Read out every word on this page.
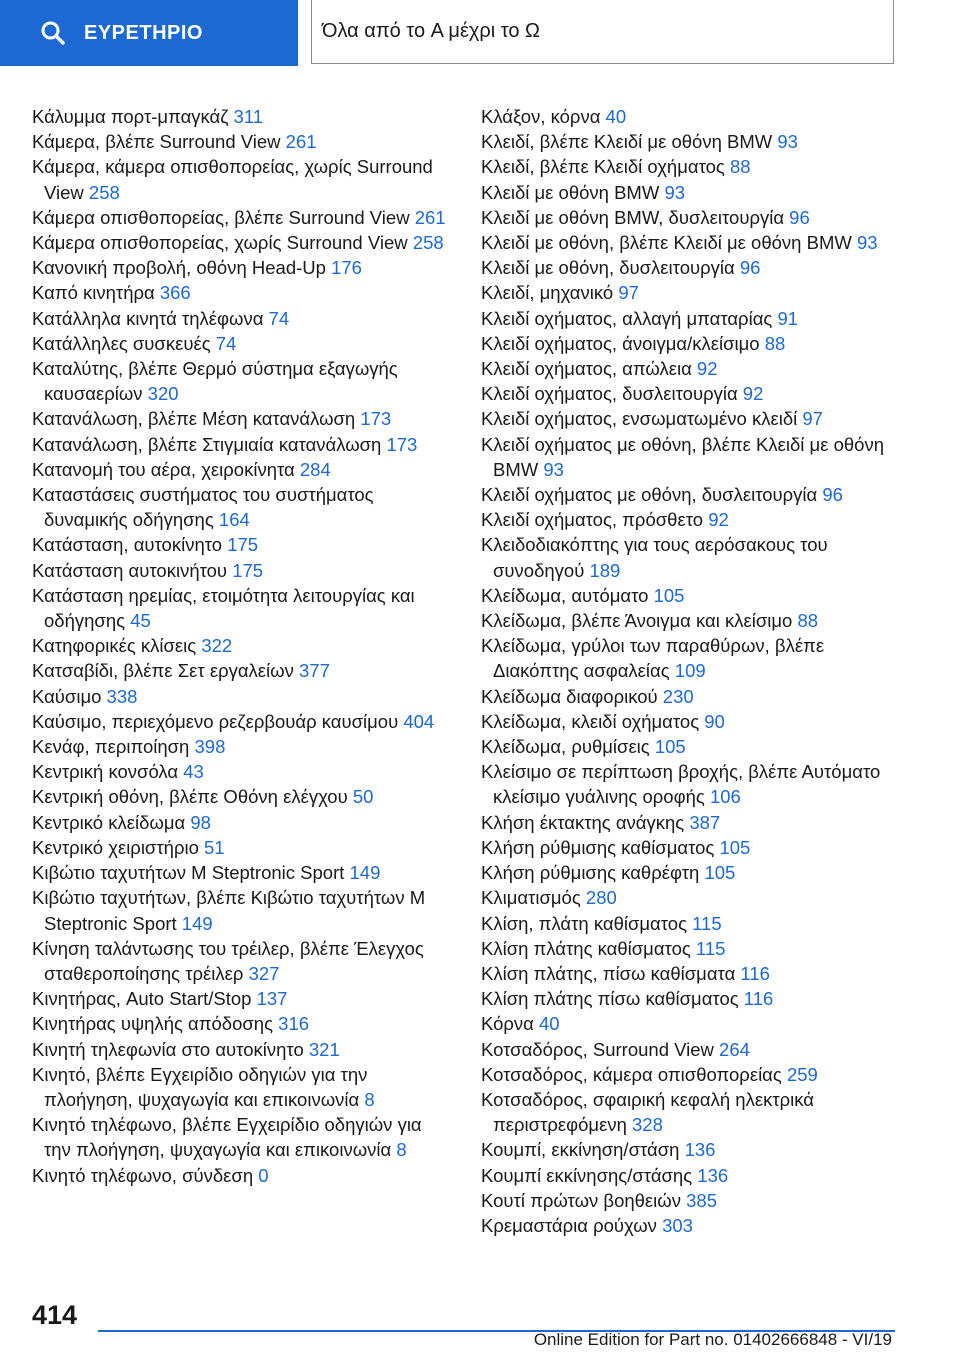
ΕΥΡΕΤΗΡΙΟ	Όλα από το A μέχρι το Ω
Κάλυμμα πορτ-μπαγκάζ 311
Κάμερα, βλέπε Surround View 261
Κάμερα, κάμερα οπισθοπορείας, χωρίς Surround View 258
Κάμερα οπισθοπορείας, βλέπε Surround View 261
Κάμερα οπισθοπορείας, χωρίς Surround View 258
Κανονική προβολή, οθόνη Head-Up 176
Καπό κινητήρα 366
Κατάλληλα κινητά τηλέφωνα 74
Κατάλληλες συσκευές 74
Καταλύτης, βλέπε Θερμό σύστημα εξαγωγής καυσαερίων 320
Κατανάλωση, βλέπε Μέση κατανάλωση 173
Κατανάλωση, βλέπε Στιγμιαία κατανάλωση 173
Κατανομή του αέρα, χειροκίνητα 284
Καταστάσεις συστήματος του συστήματος δυναμικής οδήγησης 164
Κατάσταση, αυτοκίνητο 175
Κατάσταση αυτοκινήτου 175
Κατάσταση ηρεμίας, ετοιμότητα λειτουργίας και οδήγησης 45
Κατηφορικές κλίσεις 322
Κατσαβίδι, βλέπε Σετ εργαλείων 377
Καύσιμο 338
Καύσιμο, περιεχόμενο ρεζερβουάρ καυσίμου 404
Κενάφ, περιποίηση 398
Κεντρική κονσόλα 43
Κεντρική οθόνη, βλέπε Οθόνη ελέγχου 50
Κεντρικό κλείδωμα 98
Κεντρικό χειριστήριο 51
Κιβώτιο ταχυτήτων M Steptronic Sport 149
Κιβώτιο ταχυτήτων, βλέπε Κιβώτιο ταχυτήτων M Steptronic Sport 149
Κίνηση ταλάντωσης του τρέιλερ, βλέπε Έλεγχος σταθεροποίησης τρέιλερ 327
Κινητήρας, Auto Start/Stop 137
Κινητήρας υψηλής απόδοσης 316
Κινητή τηλεφωνία στο αυτοκίνητο 321
Κινητό, βλέπε Εγχειρίδιο οδηγιών για την πλοήγηση, ψυχαγωγία και επικοινωνία 8
Κινητό τηλέφωνο, βλέπε Εγχειρίδιο οδηγιών για την πλοήγηση, ψυχαγωγία και επικοινωνία 8
Κινητό τηλέφωνο, σύνδεση 0
Κλάξον, κόρνα 40
Κλειδί, βλέπε Κλειδί με οθόνη BMW 93
Κλειδί, βλέπε Κλειδί οχήματος 88
Κλειδί με οθόνη BMW 93
Κλειδί με οθόνη BMW, δυσλειτουργία 96
Κλειδί με οθόνη, βλέπε Κλειδί με οθόνη BMW 93
Κλειδί με οθόνη, δυσλειτουργία 96
Κλειδί, μηχανικό 97
Κλειδί οχήματος, αλλαγή μπαταρίας 91
Κλειδί οχήματος, άνοιγμα/κλείσιμο 88
Κλειδί οχήματος, απώλεια 92
Κλειδί οχήματος, δυσλειτουργία 92
Κλειδί οχήματος, ενσωματωμένο κλειδί 97
Κλειδί οχήματος με οθόνη, βλέπε Κλειδί με οθόνη BMW 93
Κλειδί οχήματος με οθόνη, δυσλειτουργία 96
Κλειδί οχήματος, πρόσθετο 92
Κλειδοδιακόπτης για τους αερόσακους του συνοδηγού 189
Κλείδωμα, αυτόματο 105
Κλείδωμα, βλέπε Άνοιγμα και κλείσιμο 88
Κλείδωμα, γρύλοι των παραθύρων, βλέπε Διακόπτης ασφαλείας 109
Κλείδωμα διαφορικού 230
Κλείδωμα, κλειδί οχήματος 90
Κλείδωμα, ρυθμίσεις 105
Κλείσιμο σε περίπτωση βροχής, βλέπε Αυτόματο κλείσιμο γυάλινης οροφής 106
Κλήση έκτακτης ανάγκης 387
Κλήση ρύθμισης καθίσματος 105
Κλήση ρύθμισης καθρέφτη 105
Κλιματισμός 280
Κλίση, πλάτη καθίσματος 115
Κλίση πλάτης καθίσματος 115
Κλίση πλάτης, πίσω καθίσματα 116
Κλίση πλάτης πίσω καθίσματος 116
Κόρνα 40
Κοτσαδόρος, Surround View 264
Κοτσαδόρος, κάμερα οπισθοπορείας 259
Κοτσαδόρος, σφαιρική κεφαλή ηλεκτρικά περιστρεφόμενη 328
Κουμπί, εκκίνηση/στάση 136
Κουμπί εκκίνησης/στάσης 136
Κουτί πρώτων βοηθειών 385
Κρεμαστάρια ρούχων 303
414
Online Edition for Part no. 01402666848 - VI/19
